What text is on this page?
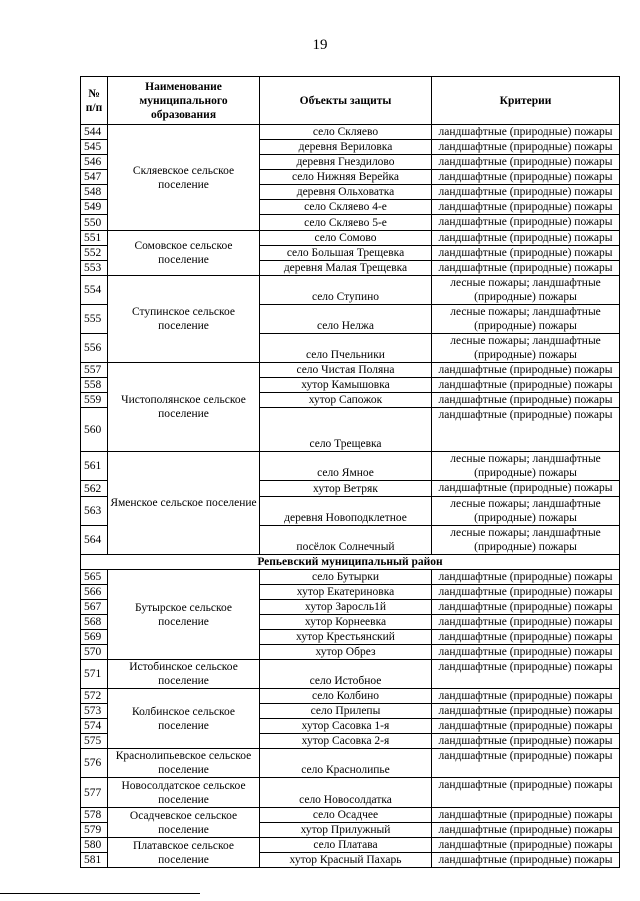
19
№ п/п	Наименование муниципального образования	Объекты защиты	Критерии
544	Скляевское сельское поселение	село Скляево	ландшафтные (природные) пожары
545		деревня Вериловка	ландшафтные (природные) пожары
546		деревня Гнездилово	ландшафтные (природные) пожары
547		село Нижняя Верейка	ландшафтные (природные) пожары
548		деревня Ольховатка	ландшафтные (природные) пожары
549		село Скляево 4-е	ландшафтные (природные) пожары
550		село Скляево 5-е	ландшафтные (природные) пожары
551	Сомовское сельское поселение	село Сомово	ландшафтные (природные) пожары
552		село Большая Трещевка	ландшафтные (природные) пожары
553		деревня Малая Трещевка	ландшафтные (природные) пожары
554	Ступинское сельское поселение	село Ступино	лесные пожары; ландшафтные (природные) пожары
555		село Нелжа	лесные пожары; ландшафтные (природные) пожары
556		село Пчельники	лесные пожары; ландшафтные (природные) пожары
557	Чистополянское сельское поселение	село Чистая Поляна	ландшафтные (природные) пожары
558		хутор Камышовка	ландшафтные (природные) пожары
559		хутор Сапожок	ландшафтные (природные) пожары
560		село Трещевка	ландшафтные (природные) пожары
561	Яменское сельское поселение	село Ямное	лесные пожары; ландшафтные (природные) пожары
562		хутор Ветряк	ландшафтные (природные) пожары
563		деревня Новоподклетное	лесные пожары; ландшафтные (природные) пожары
564		посёлок Солнечный	лесные пожары; ландшафтные (природные) пожары
Репьевский муниципальный район			
565	Бутырское сельское поселение	село Бутырки	ландшафтные (природные) пожары
566		хутор Екатериновка	ландшафтные (природные) пожары
567		хутор Заросль1й	ландшафтные (природные) пожары
568		хутор Корнеевка	ландшафтные (природные) пожары
569		хутор Крестьянский	ландшафтные (природные) пожары
570		хутор Обрез	ландшафтные (природные) пожары
571	Истобинское сельское поселение	село Истобное	ландшафтные (природные) пожары
572	Колбинское сельское поселение	село Колбино	ландшафтные (природные) пожары
573		село Прилепы	ландшафтные (природные) пожары
574		хутор Сасовка 1-я	ландшафтные (природные) пожары
575		хутор Сасовка 2-я	ландшафтные (природные) пожары
576	Краснолипьевское сельское поселение	село Краснолипье	ландшафтные (природные) пожары
577	Новосолдатское сельское поселение	село Новосолдатка	ландшафтные (природные) пожары
578	Осадчевское сельское поселение	село Осадчее	ландшафтные (природные) пожары
579		хутор Прилужный	ландшафтные (природные) пожары
580	Платавское сельское поселение	село Платава	ландшафтные (природные) пожары
581		хутор Красный Пахарь	ландшафтные (природные) пожары
